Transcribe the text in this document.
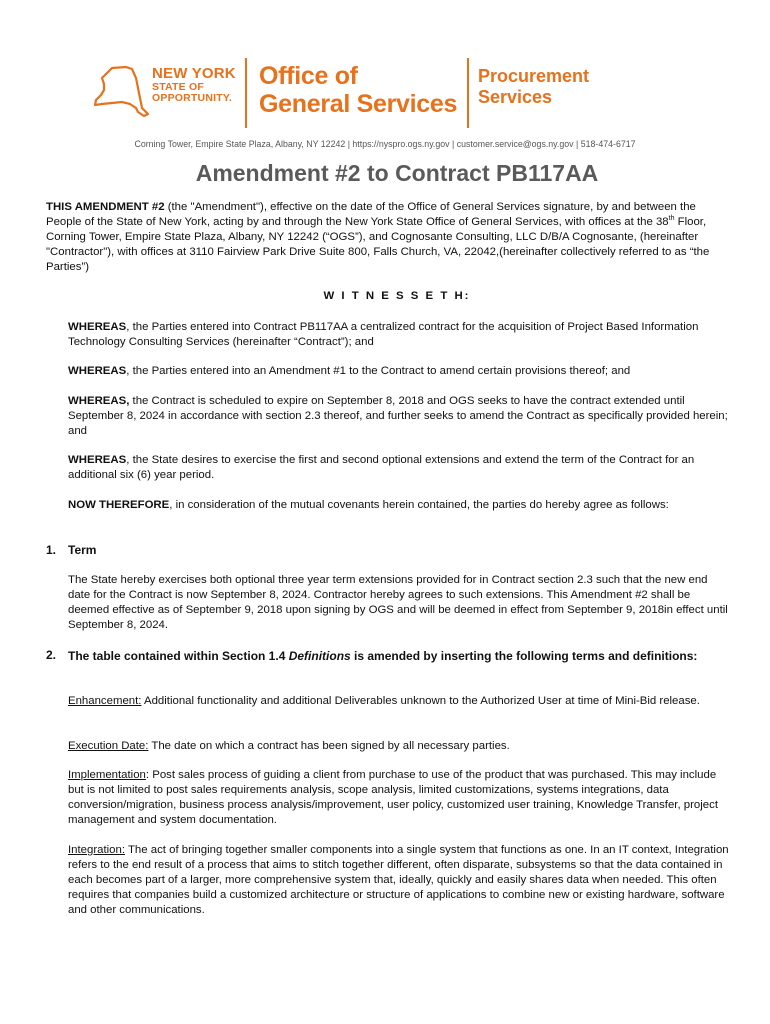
NEW YORK
STATE OF
OPPORTUNITY.
Office of
General Services
Procurement
Services
Corning Tower, Empire State Plaza, Albany, NY 12242 | https://nyspro.ogs.ny.gov | customer.service@ogs.ny.gov | 518-474-6717
Amendment #2 to Contract PB117AA
THIS AMENDMENT #2 (the "Amendment"), effective on the date of the Office of General Services signature, by and between the People of the State of New York, acting by and through the New York State Office of General Services, with offices at the 38th Floor, Corning Tower, Empire State Plaza, Albany, NY 12242 (“OGS”), and Cognosante Consulting, LLC D/B/A Cognosante, (hereinafter "Contractor"), with offices at 3110 Fairview Park Drive Suite 800, Falls Church, VA, 22042,(hereinafter collectively referred to as “the Parties”)
W I T N E S S E T H:
WHEREAS, the Parties entered into Contract PB117AA a centralized contract for the acquisition of Project Based Information Technology Consulting Services (hereinafter “Contract”); and
WHEREAS, the Parties entered into an Amendment #1 to the Contract to amend certain provisions thereof; and
WHEREAS, the Contract is scheduled to expire on September 8, 2018 and OGS seeks to have the contract extended until September 8, 2024 in accordance with section 2.3 thereof, and further seeks to amend the Contract as specifically provided herein; and
WHEREAS, the State desires to exercise the first and second optional extensions and extend the term of the Contract for an additional six (6) year period.
NOW THEREFORE, in consideration of the mutual covenants herein contained, the parties do hereby agree as follows:
1. Term
The State hereby exercises both optional three year term extensions provided for in Contract section 2.3 such that the new end date for the Contract is now September 8, 2024. Contractor hereby agrees to such extensions. This Amendment #2 shall be deemed effective as of September 9, 2018 upon signing by OGS and will be deemed in effect from September 9, 2018in effect until September 8, 2024.
2. The table contained within Section 1.4 Definitions is amended by inserting the following terms and definitions:
Enhancement: Additional functionality and additional Deliverables unknown to the Authorized User at time of Mini-Bid release.
Execution Date: The date on which a contract has been signed by all necessary parties.
Implementation: Post sales process of guiding a client from purchase to use of the product that was purchased. This may include but is not limited to post sales requirements analysis, scope analysis, limited customizations, systems integrations, data conversion/migration, business process analysis/improvement, user policy, customized user training, Knowledge Transfer, project management and system documentation.
Integration: The act of bringing together smaller components into a single system that functions as one. In an IT context, Integration refers to the end result of a process that aims to stitch together different, often disparate, subsystems so that the data contained in each becomes part of a larger, more comprehensive system that, ideally, quickly and easily shares data when needed. This often requires that companies build a customized architecture or structure of applications to combine new or existing hardware, software and other communications.
